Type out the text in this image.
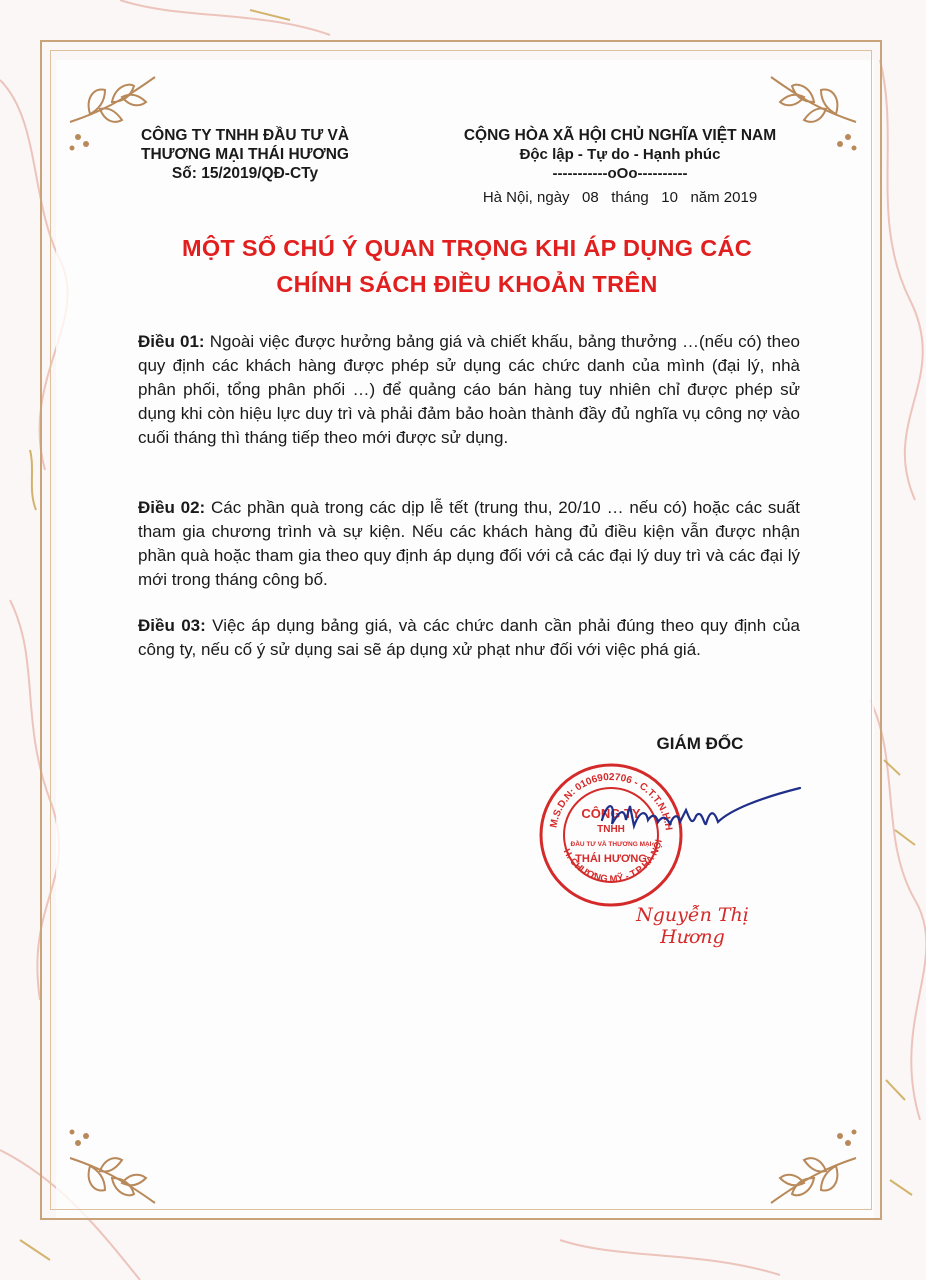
CÔNG TY TNHH ĐẦU TƯ VÀ
THƯƠNG MẠI THÁI HƯƠNG
Số: 15/2019/QĐ-CTy
CỘNG HÒA XÃ HỘI CHỦ NGHĨA VIỆT NAM
Độc lập - Tự do - Hạnh phúc
-----------oOo----------
Hà Nội, ngày   08   tháng   10   năm 2019
MỘT SỐ CHÚ Ý QUAN TRỌNG KHI ÁP DỤNG CÁC
CHÍNH SÁCH ĐIỀU KHOẢN TRÊN
Điều 01: Ngoài việc được hưởng bảng giá và chiết khấu, bảng thưởng …(nếu có) theo quy định các khách hàng được phép sử dụng các chức danh của mình (đại lý, nhà phân phối, tổng phân phối …) để quảng cáo bán hàng tuy nhiên chỉ được phép sử dụng khi còn hiệu lực duy trì và phải đảm bảo hoàn thành đầy đủ nghĩa vụ công nợ vào cuối tháng thì tháng tiếp theo mới được sử dụng.
Điều 02: Các phần quà trong các dịp lễ tết (trung thu, 20/10 … nếu có) hoặc các suất tham gia chương trình và sự kiện. Nếu các khách hàng đủ điều kiện vẫn được nhận phần quà hoặc tham gia theo quy định áp dụng đối với cả các đại lý duy trì và các đại lý mới trong tháng công bố.
Điều 03: Việc áp dụng bảng giá, và các chức danh cần phải đúng theo quy định của công ty, nếu cố ý sử dụng sai sẽ áp dụng xử phạt như đối với việc phá giá.
GIÁM ĐỐC
M.S.D.N: 0106902706 - C.T.T.N.H.H
H. CHƯƠNG MỸ - T.P HÀ NỘI
CÔNG TY
TNHH
ĐẦU TƯ VÀ THƯƠNG MẠI
THÁI HƯƠNG
Nguyễn Thị Hương
